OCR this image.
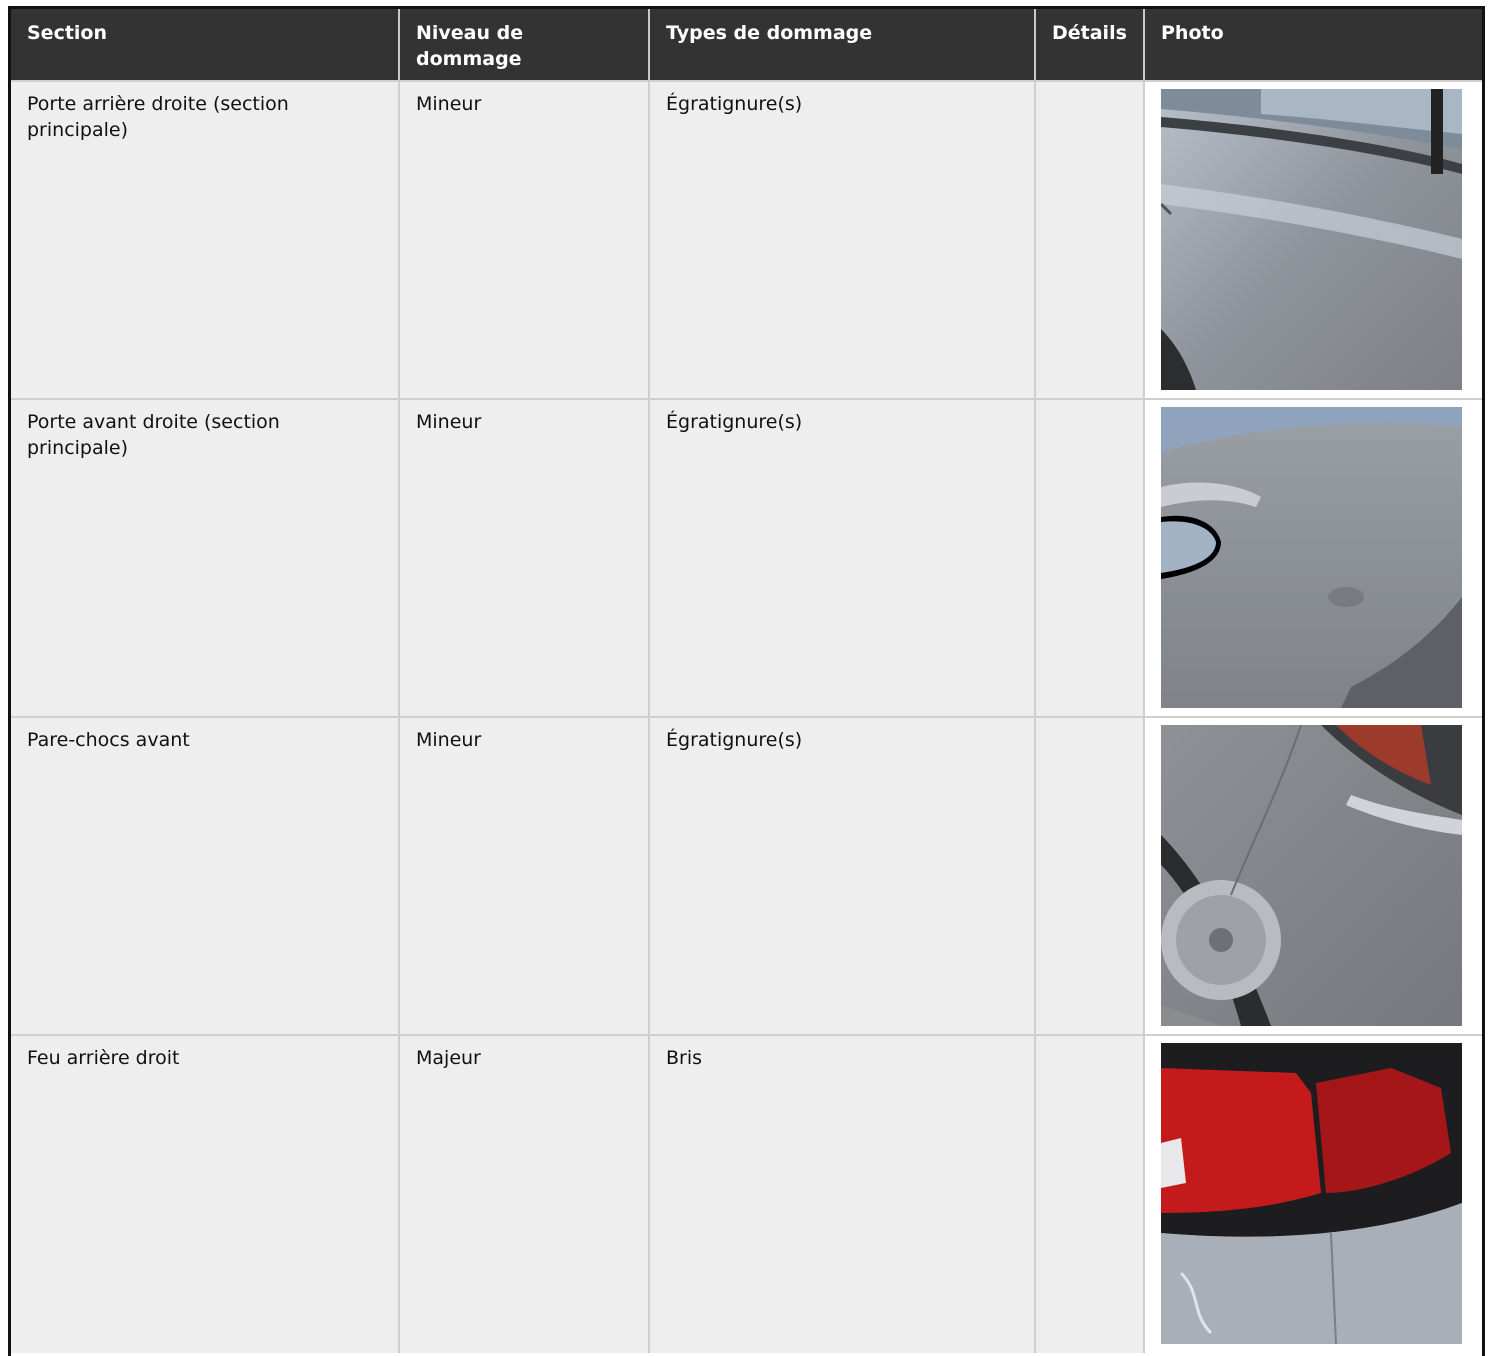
Section	Niveau de dommage	Types de dommage	Détails	Photo
Porte arrière droite (section principale)	Mineur	Égratignure(s)		

Porte avant droite (section principale)	Mineur	Égratignure(s)		

Pare-chocs avant	Mineur	Égratignure(s)		

Feu arrière droit	Majeur	Bris		
